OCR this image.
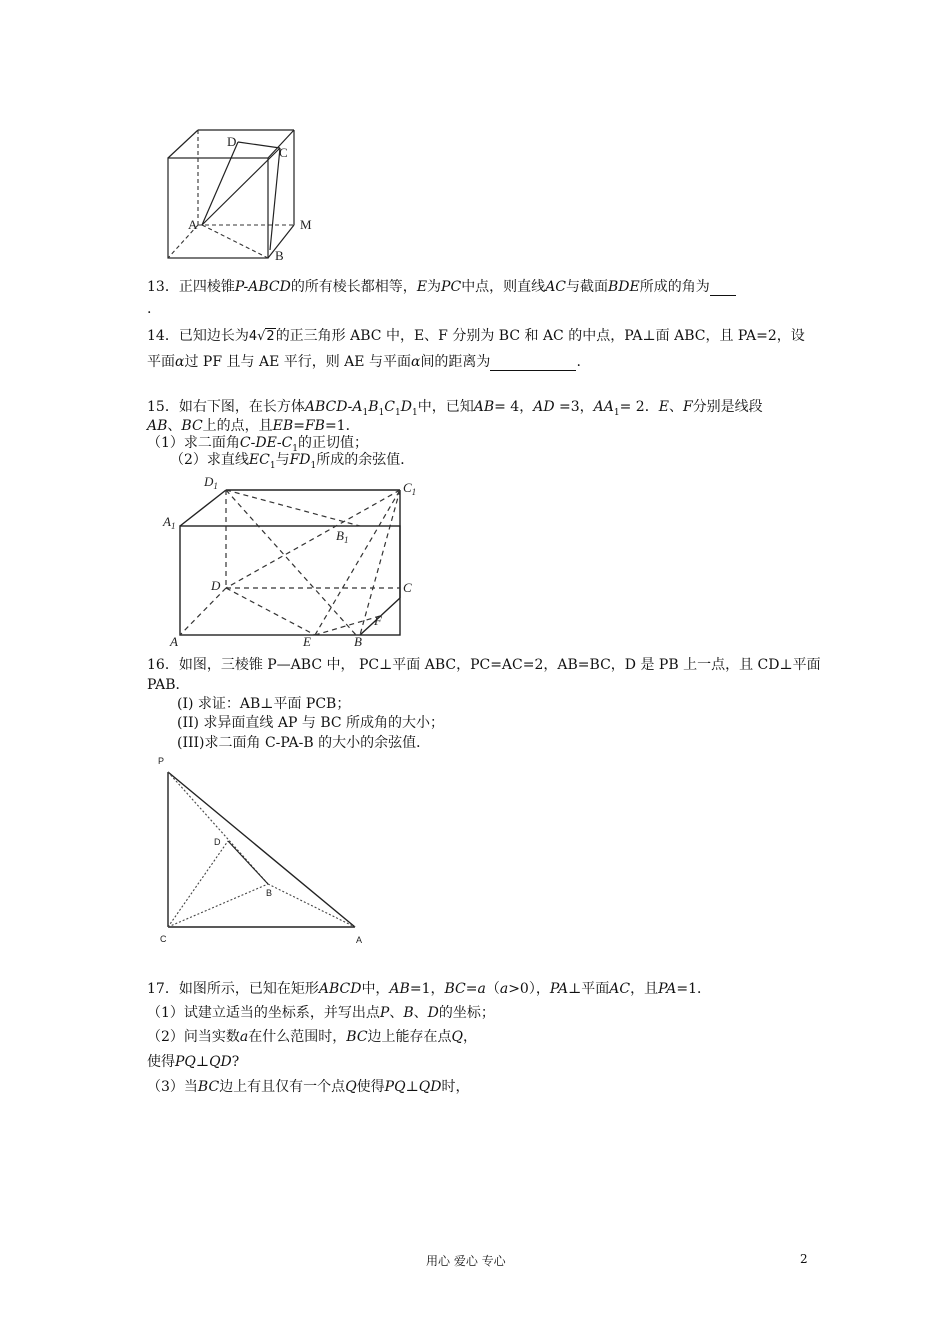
D
C
A	M
B
13．正四棱锥P-ABCD的所有棱长都相等，E为PC中点，则直线AC与截面BDE所成的角为
.
14．已知边长为4√2的正三角形 ABC 中，E、F 分别为 BC 和 AC 的中点，PA⊥面 ABC，且 PA=2，设
平面α过 PF 且与 AE 平行，则 AE 与平面α间的距离为	.
15．如右下图，在长方体ABCD-$A_1B_1C_1D_1$中，已知AB= 4，AD =3，$AA_1= 2$．E、F分别是线段
AB、BC上的点，且EB=FB=1．
（1）求二面角$C-DE-C_1$的正切值；
（2）求直线$EC_1$与$FD_1$所成的余弦值．
$D_1$	$C_1$
$A_1$
$B_1$
D	C
A	E	B
F
16．如图，三棱锥 P—ABC 中， PC⊥平面 ABC，PC=AC=2，AB=BC，D 是 PB 上一点，且 CD⊥平面
PAB．
(I) 求证：AB⊥平面 PCB；
(II) 求异面直线 AP 与 BC 所成角的大小；
(III)求二面角 C-PA-B 的大小的余弦值．
P
D
B
C	A
17．如图所示，已知在矩形ABCD中，AB=1，BC=a（a>0），PA⊥平面AC，且PA=1．
（1）试建立适当的坐标系，并写出点P、B、D的坐标；
（2）问当实数a在什么范围时，BC边上能存在点Q，
使得PQ⊥QD?
（3）当BC边上有且仅有一个点Q使得PQ⊥QD时，
用心 爱心 专心	2
